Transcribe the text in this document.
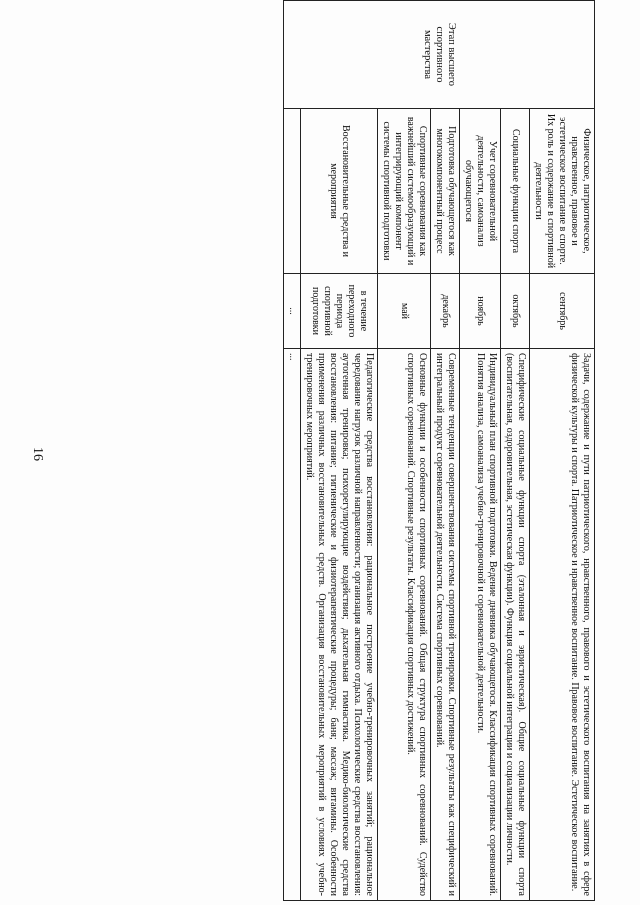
16
Этап высшего спортивного мастерства	Физическое, патриотическое, нравственное, правовое и эстетическое воспитание в спорте. Их роль и содержание в спортивной деятельности	сентябрь	Задачи, содержание и пути патриотического, нравственного, правового и эстетического воспитания на занятиях в сфере физической культуры и спорта. Патриотическое и нравственное воспитание. Правовое воспитание. Эстетическое воспитание.
	Социальные функции спорта	октябрь	Специфические социальные функции спорта (эталонная и эвристическая). Общие социальные функции спорта (воспитательная, оздоровительная, эстетическая функции). Функция социальной интеграции и социализации личности.
	Учет соревновательной деятельности, самоанализ обучающегося	ноябрь	Индивидуальный план спортивной подготовки. Ведение дневника обучающегося. Классификация спортивных соревнований. Понятия анализа, самоанализа учебно-тренировочной и соревновательной деятельности.
	Подготовка обучающегося как многокомпонентный процесс	декабрь	Современные тенденции совершенствования системы спортивной тренировки. Спортивные результаты как специфический и интегральный продукт соревновательной деятельности. Система спортивных соревнований.
	Спортивные соревнования как важнейший системообразующий и интегрирующий компонент системы спортивной подготовки	май	Основные функции и особенности спортивных соревнований. Общая структура спортивных соревнований. Судейство спортивных соревнований. Спортивные результаты. Классификация спортивных достижений.
	Восстановительные средства и мероприятия	в течение переходного периода спортивной подготовки	Педагогические средства восстановления: рациональное построение учебно-тренировочных занятий; рациональное чередование нагрузок различной направленности; организация активного отдыха. Психологические средства восстановления: аутогенная тренировка; психорегулирующие воздействия; дыхательная гимнастика. Медико-биологические средства восстановления: питание; гигиенические и физиотерапевтические процедуры; баня; массаж; витамины. Особенности применения различных восстановительных средств. Организация восстановительных мероприятий в условиях учебно-тренировочных мероприятий.
		...	...
